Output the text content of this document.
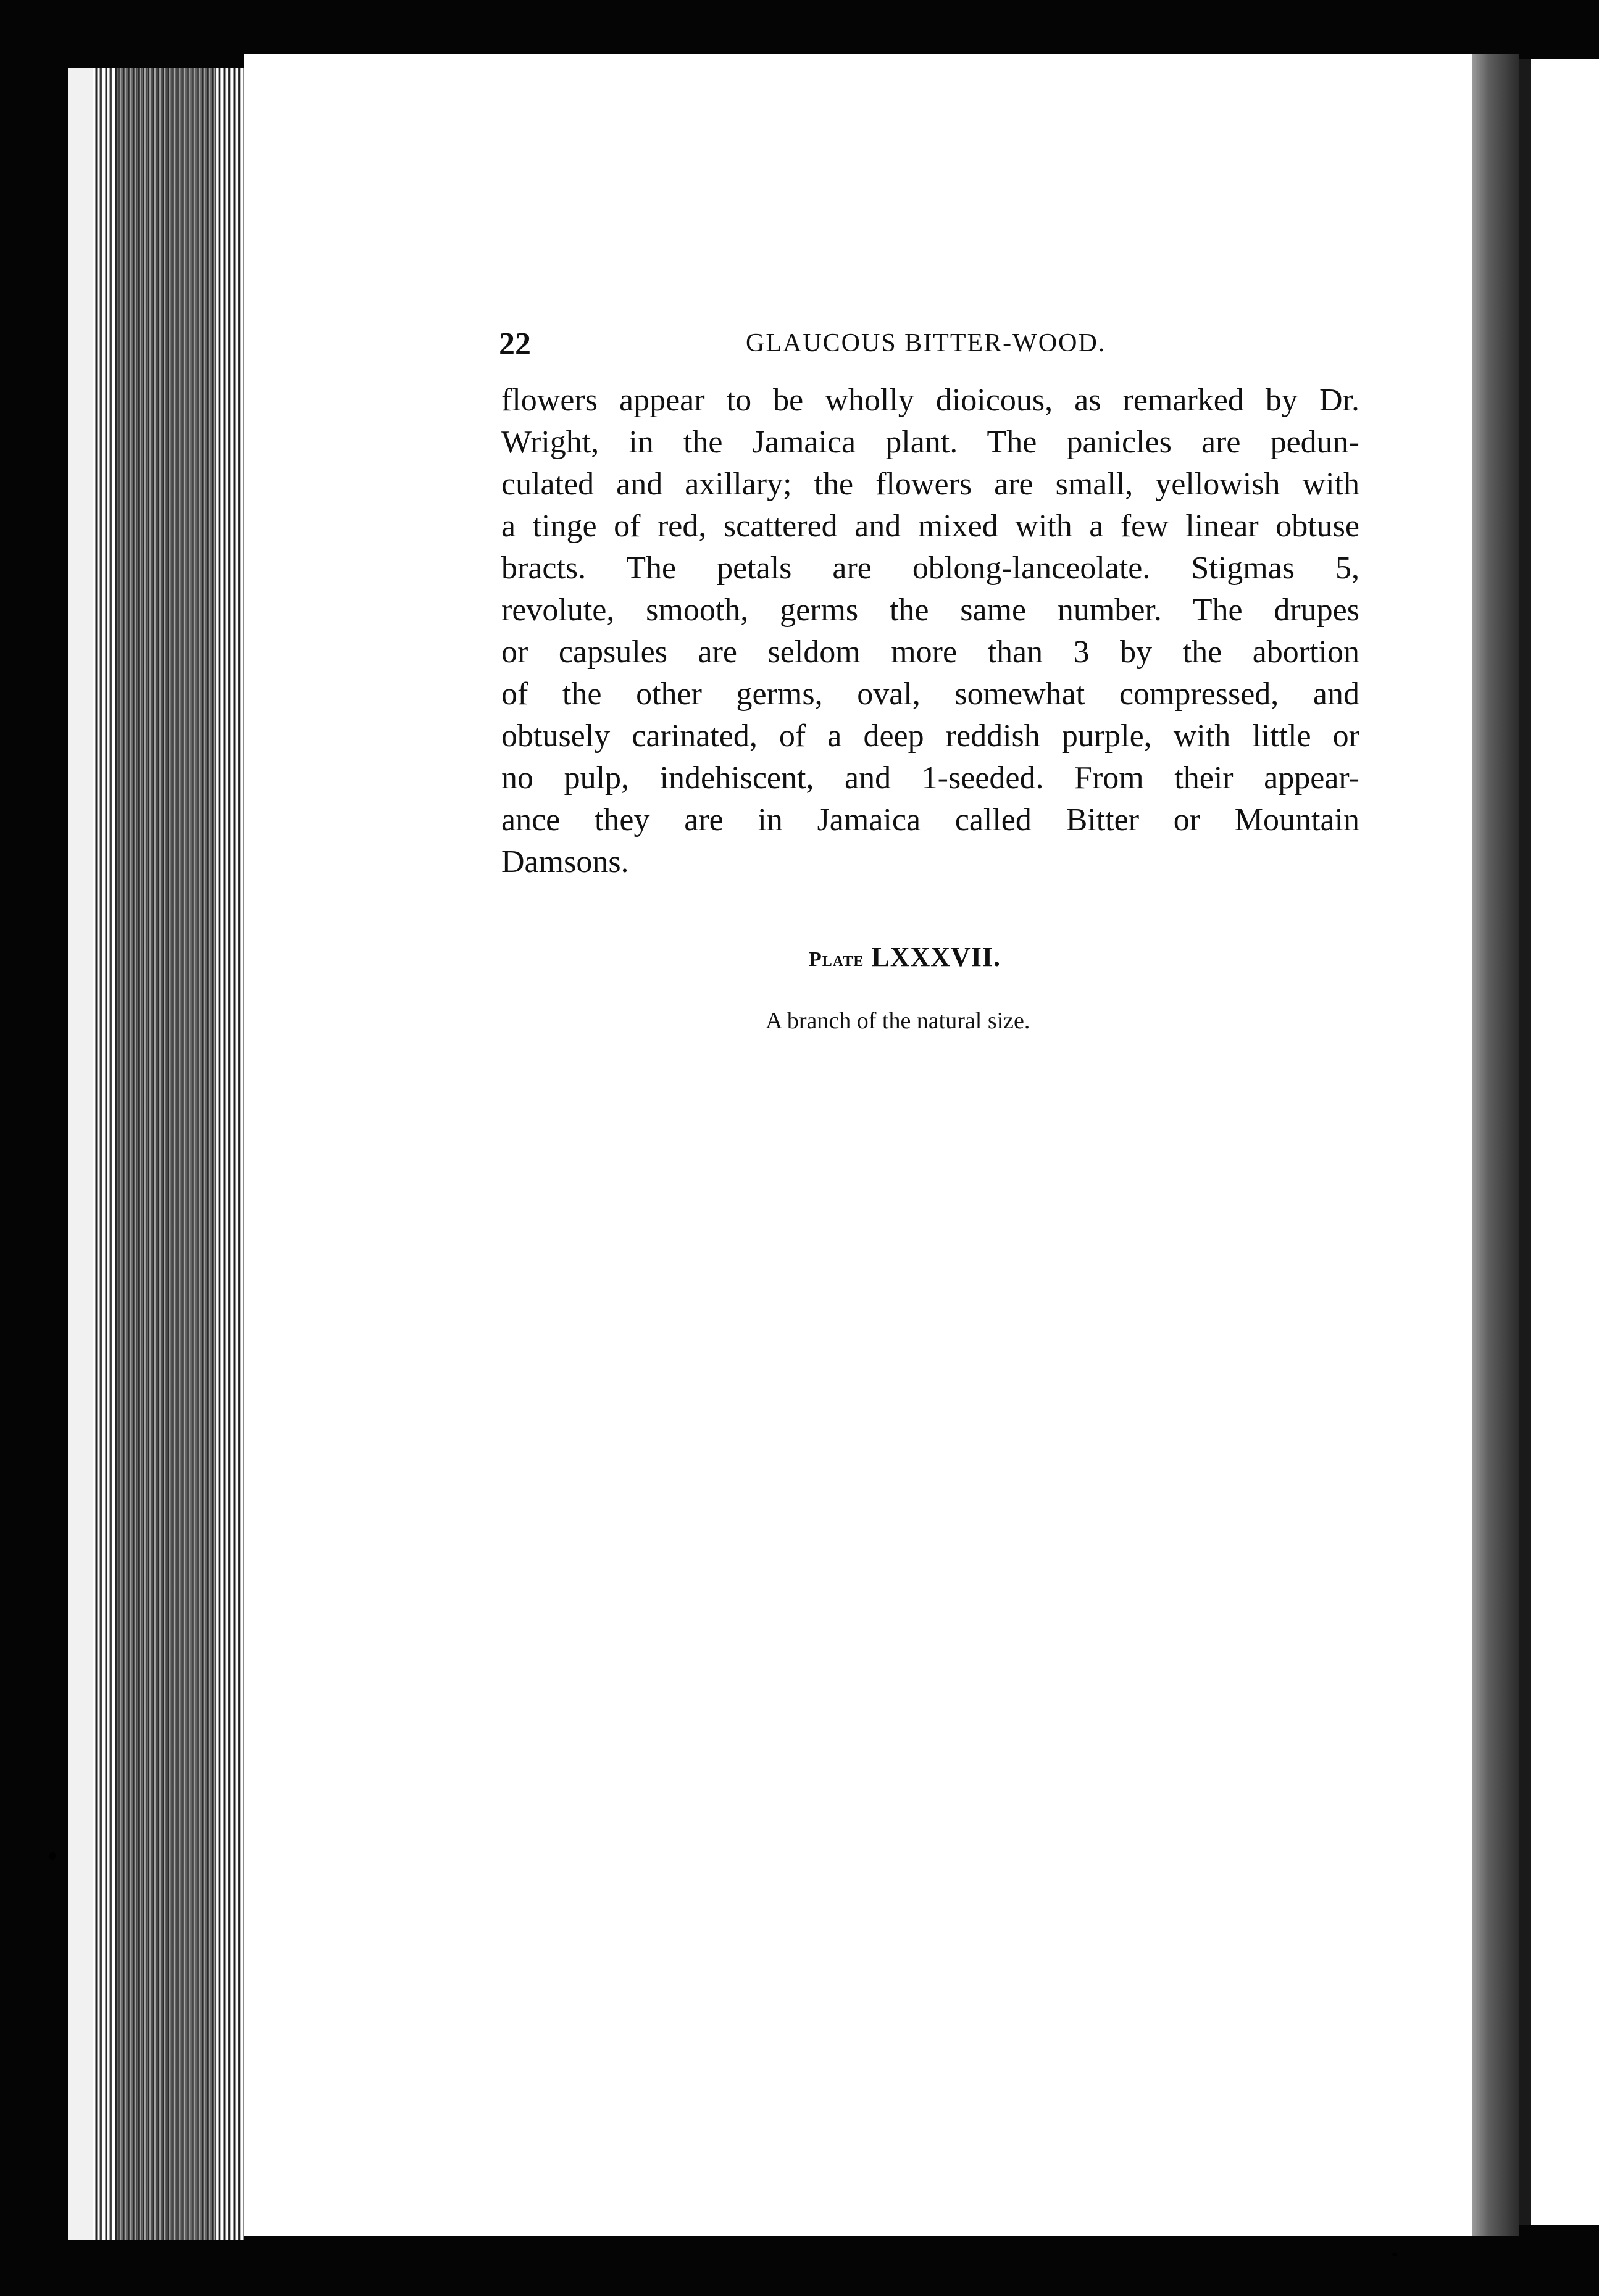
22	GLAUCOUS BITTER-WOOD.
flowers appear to be wholly dioicous, as remarked by Dr.
Wright, in the Jamaica plant. The panicles are pedun-
culated and axillary; the flowers are small, yellowish with
a tinge of red, scattered and mixed with a few linear obtuse
bracts. The petals are oblong-lanceolate. Stigmas 5,
revolute, smooth, germs the same number. The drupes
or capsules are seldom more than 3 by the abortion
of the other germs, oval, somewhat compressed, and
obtusely carinated, of a deep reddish purple, with little or
no pulp, indehiscent, and 1-seeded. From their appear-
ance they are in Jamaica called Bitter or Mountain
Damsons.
Plate LXXXVII.
A branch of the natural size.
